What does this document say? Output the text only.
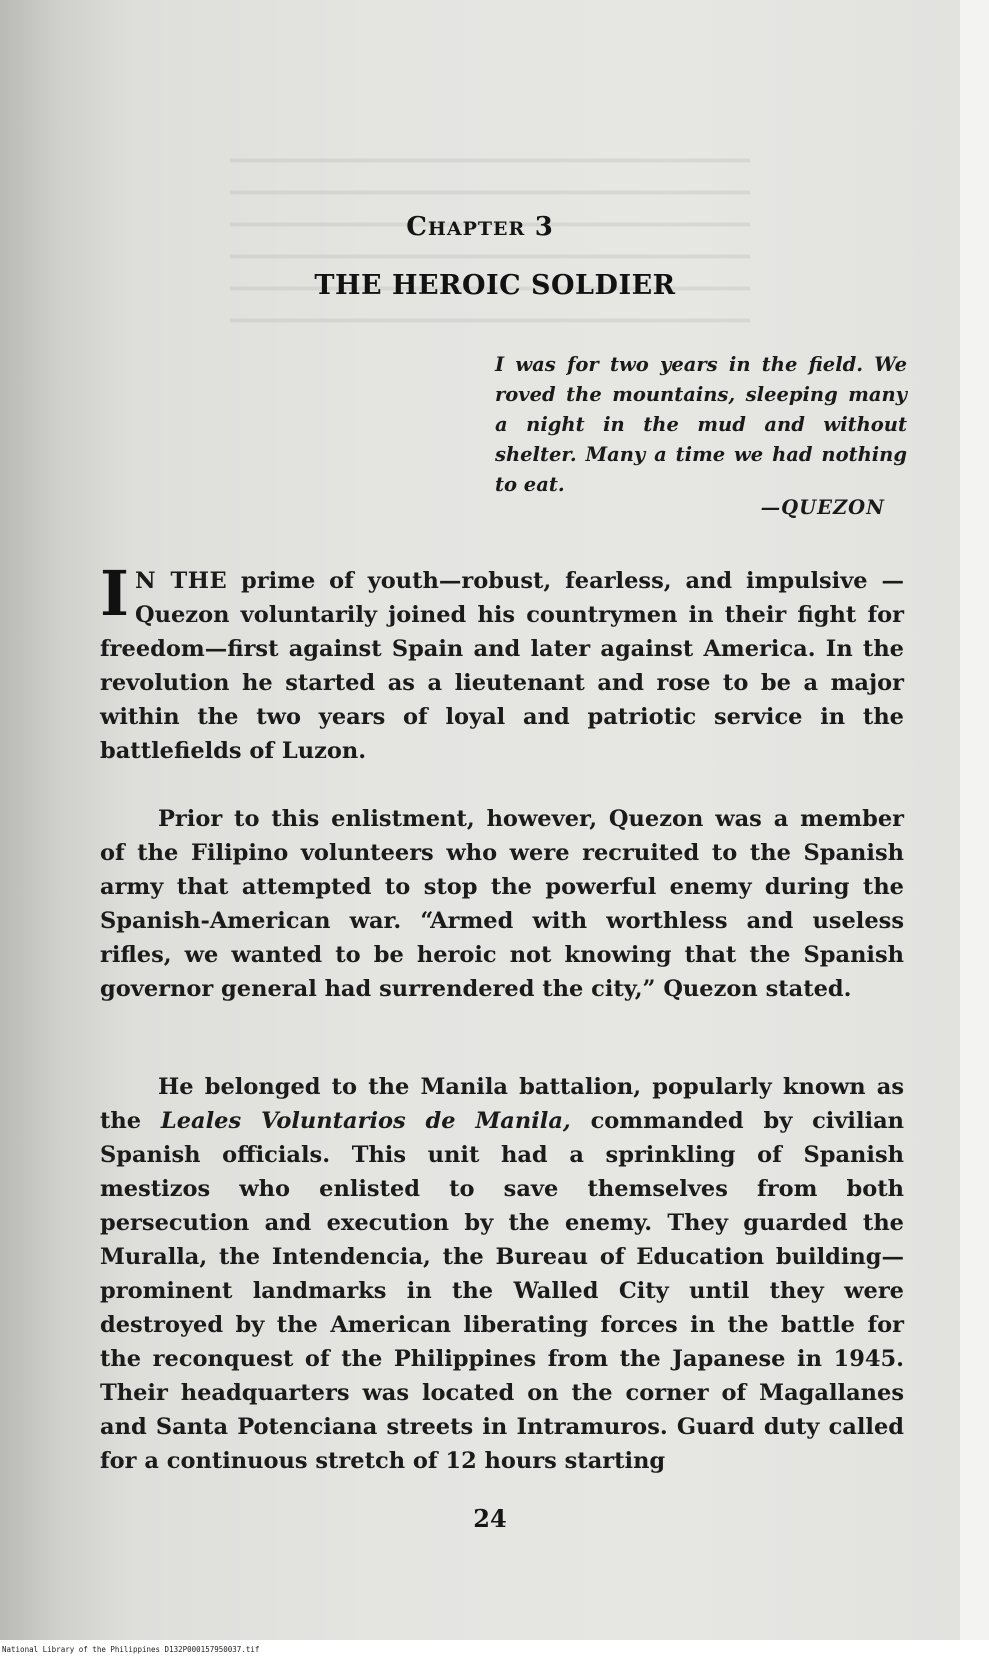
CHAPTER 3
THE HEROIC SOLDIER
I was for two years in the field. We roved the mountains, sleeping many a night in the mud and without shelter. Many a time we had nothing to eat.
—QUEZON

I N THE prime of youth—robust, fearless, and impulsive —Quezon voluntarily joined his countrymen in their fight for freedom—first against Spain and later against America. In the revolution he started as a lieutenant and rose to be a major within the two years of loyal and patriotic service in the battlefields of Luzon.

Prior to this enlistment, however, Quezon was a member of the Filipino volunteers who were recruited to the Spanish army that attempted to stop the powerful enemy during the Spanish-American war. “Armed with worthless and useless rifles, we wanted to be heroic not knowing that the Spanish governor general had surrendered the city,” Quezon stated.

He belonged to the Manila battalion, popularly known as the Leales Voluntarios de Manila, commanded by civilian Spanish officials. This unit had a sprinkling of Spanish mestizos who enlisted to save themselves from both persecution and execution by the enemy. They guarded the Muralla, the Intendencia, the Bureau of Education building—prominent landmarks in the Walled City until they were destroyed by the American liberating forces in the battle for the reconquest of the Philippines from the Japanese in 1945. Their headquarters was located on the corner of Magallanes and Santa Potenciana streets in Intramuros. Guard duty called for a continuous stretch of 12 hours starting

24
National Library of the Philippines D132P000157950037.tif
